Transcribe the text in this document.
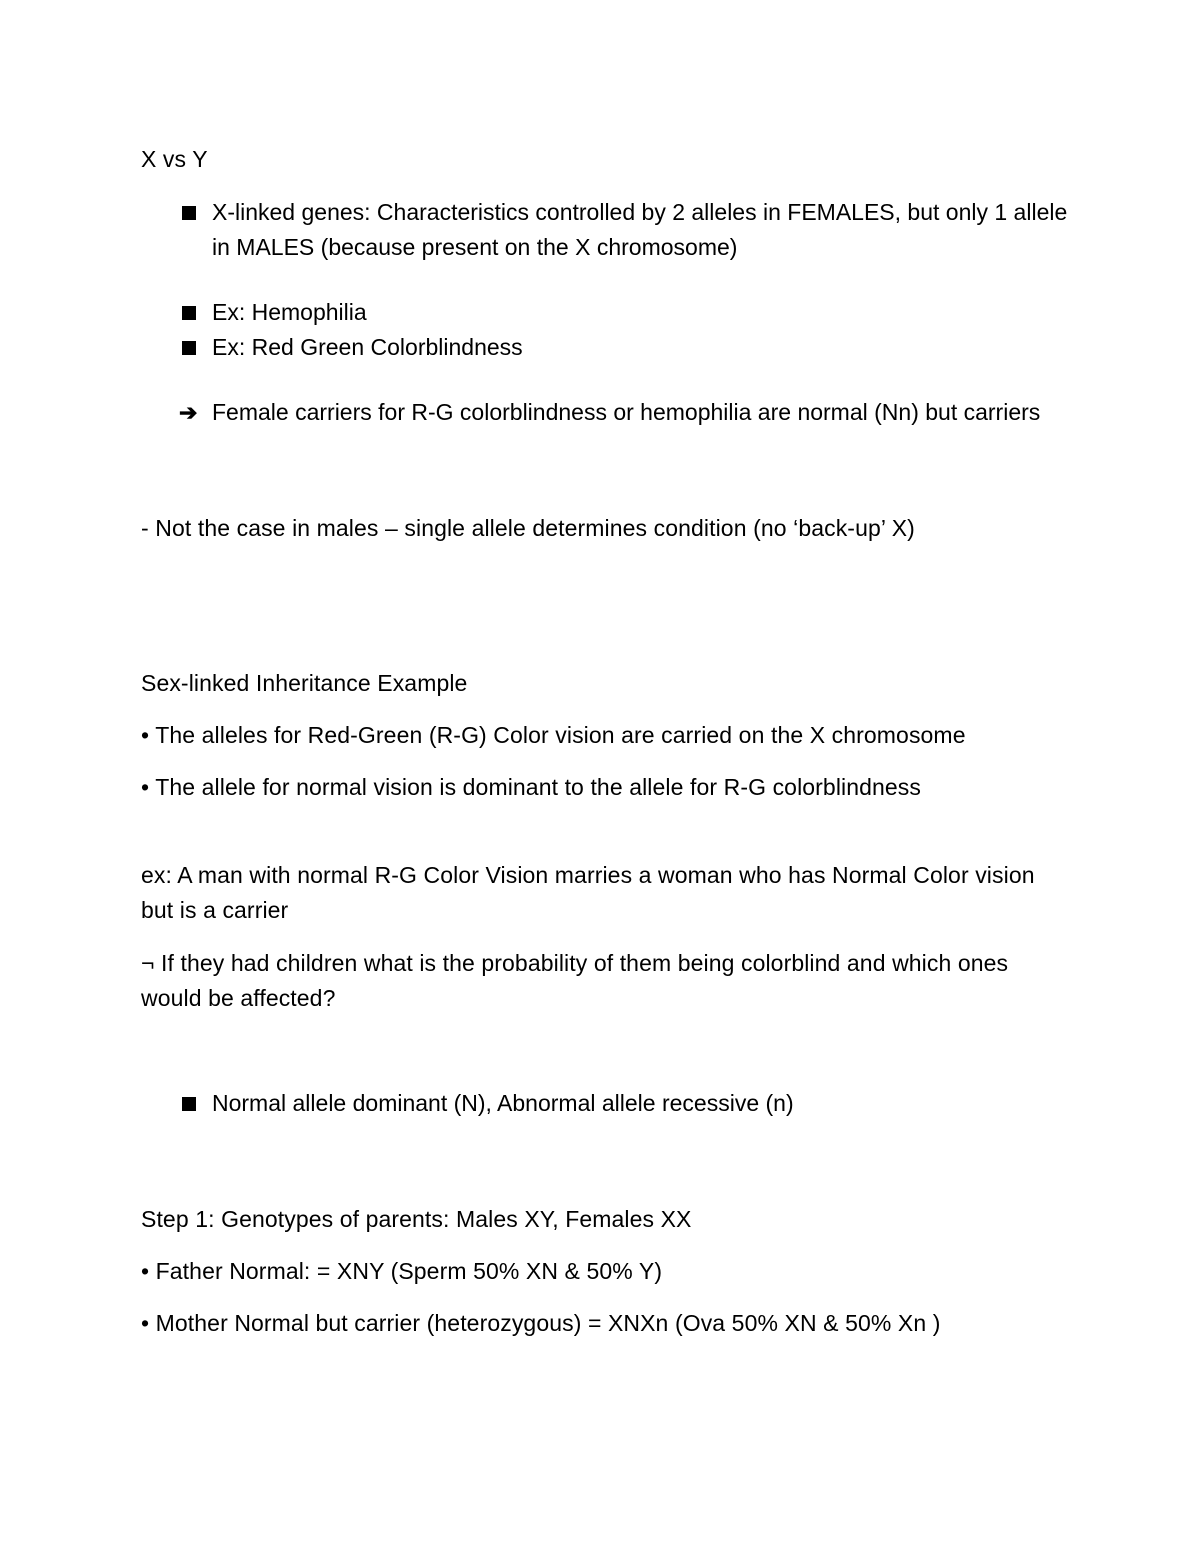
X vs Y
X-linked genes: Characteristics controlled by 2 alleles in FEMALES, but only 1 allele in MALES (because present on the X chromosome)
Ex: Hemophilia
Ex: Red Green Colorblindness
➔ Female carriers for R-G colorblindness or hemophilia are normal (Nn) but carriers
- Not the case in males – single allele determines condition (no ‘back-up’ X)
Sex-linked Inheritance Example
• The alleles for Red-Green (R-G) Color vision are carried on the X chromosome
• The allele for normal vision is dominant to the allele for R-G colorblindness
ex: A man with normal R-G Color Vision marries a woman who has Normal Color vision but is a carrier
¬ If they had children what is the probability of them being colorblind and which ones would be affected?
Normal allele dominant (N), Abnormal allele recessive (n)
Step 1: Genotypes of parents: Males XY, Females XX
• Father Normal: = XNY (Sperm 50% XN & 50% Y)
• Mother Normal but carrier (heterozygous) = XNXn (Ova 50% XN & 50% Xn )
